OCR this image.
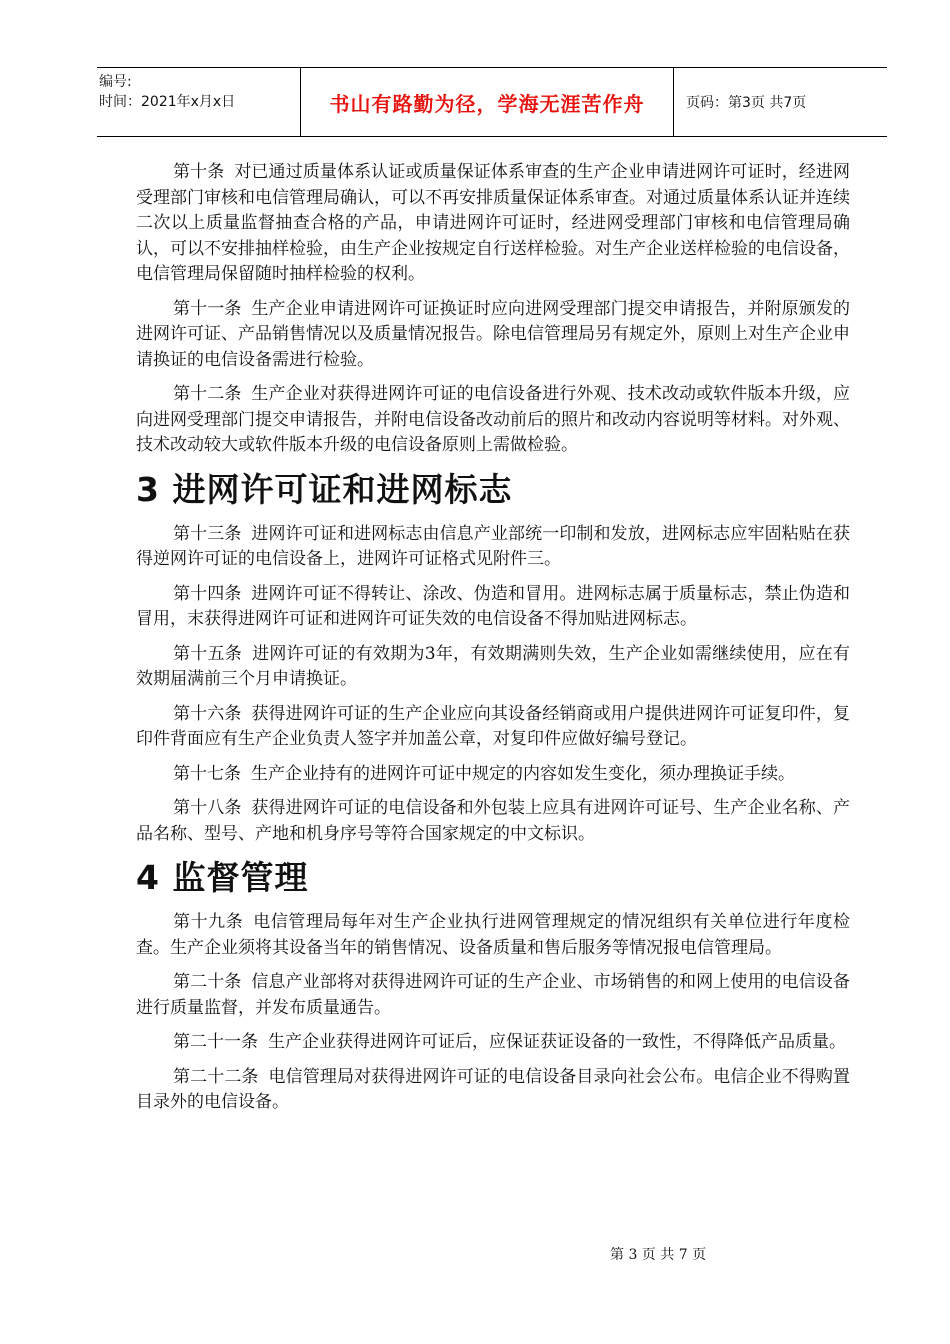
编号:
时间：2021年x月x日	书山有路勤为径，学海无涯苦作舟	页码：第3页 共7页

第十条 对已通过质量体系认证或质量保证体系审查的生产企业申请进网许可证时，经进网受理部门审核和电信管理局确认，可以不再安排质量保证体系审查。对通过质量体系认证并连续二次以上质量监督抽查合格的产品，申请进网许可证时，经进网受理部门审核和电信管理局确认，可以不安排抽样检验，由生产企业按规定自行送样检验。对生产企业送样检验的电信设备，电信管理局保留随时抽样检验的权利。

第十一条 生产企业申请进网许可证换证时应向进网受理部门提交申请报告，并附原颁发的进网许可证、产品销售情况以及质量情况报告。除电信管理局另有规定外，原则上对生产企业申请换证的电信设备需进行检验。

第十二条 生产企业对获得进网许可证的电信设备进行外观、技术改动或软件版本升级，应向进网受理部门提交申请报告，并附电信设备改动前后的照片和改动内容说明等材料。对外观、技术改动较大或软件版本升级的电信设备原则上需做检验。

3 进网许可证和进网标志

第十三条 进网许可证和进网标志由信息产业部统一印制和发放，进网标志应牢固粘贴在获得逆网许可证的电信设备上，进网许可证格式见附件三。

第十四条 进网许可证不得转让、涂改、伪造和冒用。进网标志属于质量标志，禁止伪造和冒用，末获得进网许可证和进网许可证失效的电信设备不得加贴进网标志。

第十五条 进网许可证的有效期为3年，有效期满则失效，生产企业如需继续使用，应在有效期届满前三个月申请换证。

第十六条 获得进网许可证的生产企业应向其设备经销商或用户提供进网许可证复印件，复印件背面应有生产企业负责人签字并加盖公章，对复印件应做好编号登记。

第十七条 生产企业持有的进网许可证中规定的内容如发生变化，须办理换证手续。

第十八条 获得进网许可证的电信设备和外包装上应具有进网许可证号、生产企业名称、产品名称、型号、产地和机身序号等符合国家规定的中文标识。

4 监督管理

第十九条 电信管理局每年对生产企业执行进网管理规定的情况组织有关单位进行年度检查。生产企业须将其设备当年的销售情况、设备质量和售后服务等情况报电信管理局。

第二十条 信息产业部将对获得进网许可证的生产企业、市场销售的和网上使用的电信设备进行质量监督，并发布质量通告。

第二十一条 生产企业获得进网许可证后，应保证获证设备的一致性，不得降低产品质量。

第二十二条 电信管理局对获得进网许可证的电信设备目录向社会公布。电信企业不得购置目录外的电信设备。

第 3 页 共 7 页
